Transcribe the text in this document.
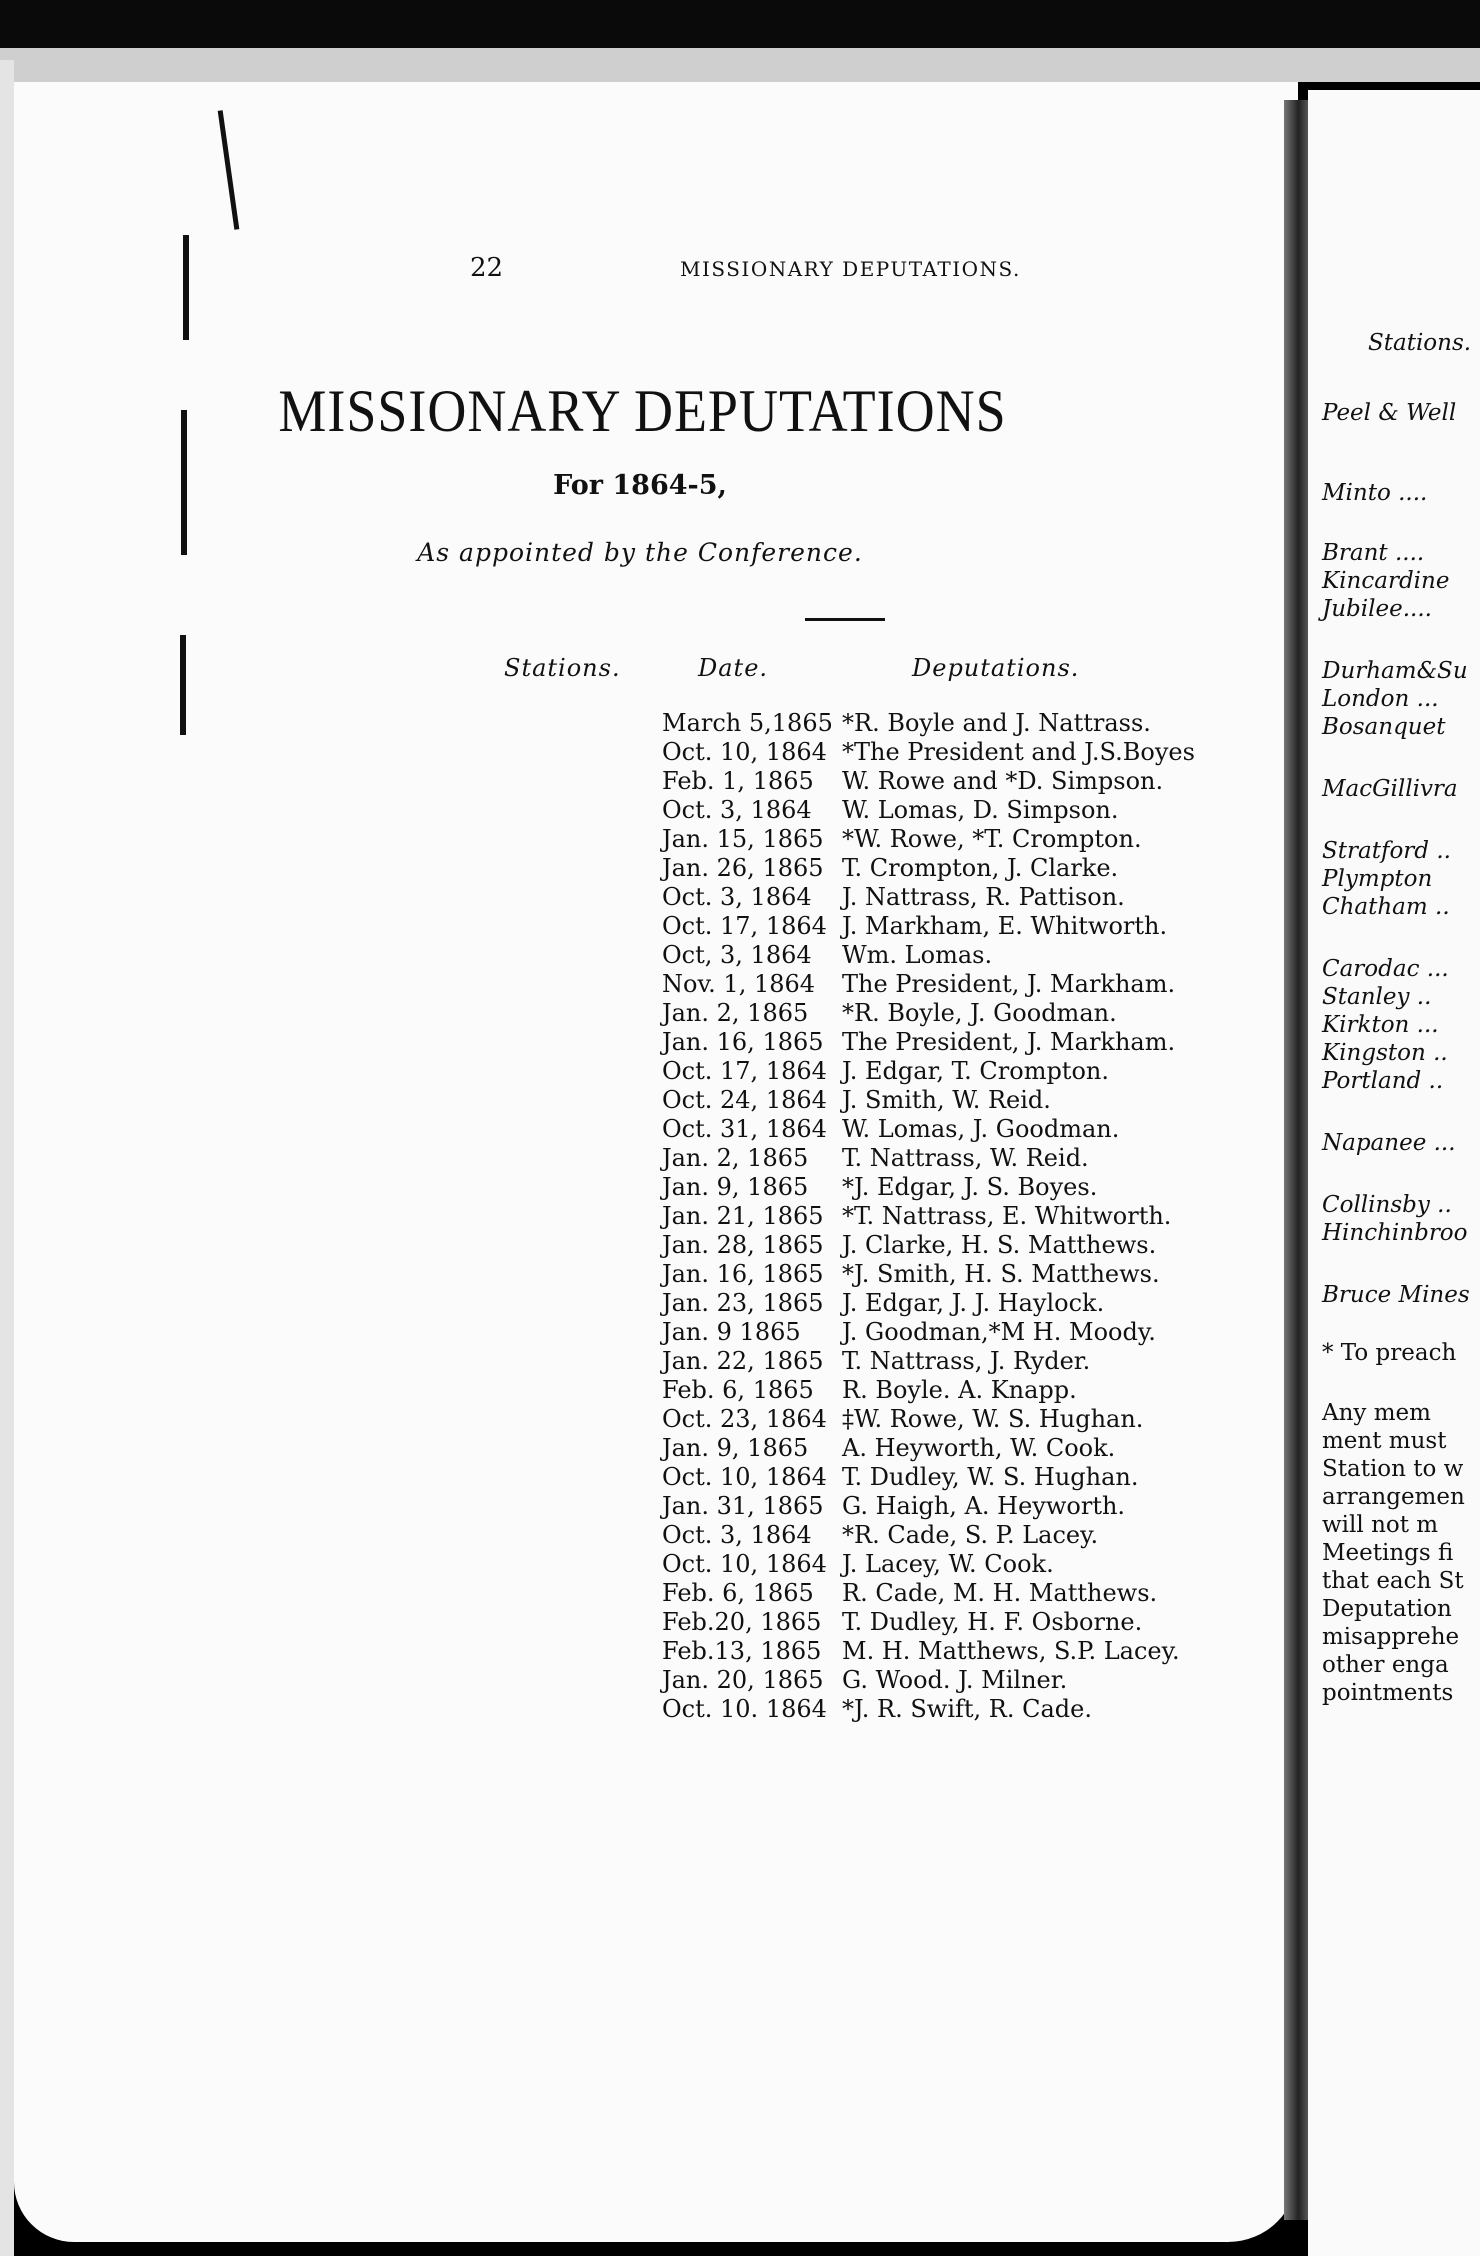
22	MISSIONARY DEPUTATIONS.
MISSIONARY DEPUTATIONS
For 1864-5,
As appointed by the Conference.
Stations.	Date.	Deputations.
March 5,1865 *R. Boyle and J. Nattrass.
Oct. 10, 1864 *The President and J.S.Boyes
Feb. 1, 1865	W. Rowe and *D. Simpson.
Oct. 3, 1864	W. Lomas, D. Simpson.
Jan. 15, 1865 *W. Rowe, *T. Crompton.
Jan. 26, 1865 T. Crompton, J. Clarke.
Oct. 3, 1864	J. Nattrass, R. Pattison.
Oct. 17, 1864 J. Markham, E. Whitworth.
Oct, 3, 1864	Wm. Lomas.
Nov. 1, 1864	The President, J. Markham.
Jan. 2, 1865	*R. Boyle, J. Goodman.
Jan. 16, 1865 The President, J. Markham.
Oct. 17, 1864 J. Edgar, T. Crompton.
Oct. 24, 1864 J. Smith, W. Reid.
Oct. 31, 1864 W. Lomas, J. Goodman.
Jan. 2, 1865	T. Nattrass, W. Reid.
Jan. 9, 1865	*J. Edgar, J. S. Boyes.
Jan. 21, 1865 *T. Nattrass, E. Whitworth.
Jan. 28, 1865 J. Clarke, H. S. Matthews.
Jan. 16, 1865 *J. Smith, H. S. Matthews.
Jan. 23, 1865 J. Edgar, J. J. Haylock.
Jan. 9 1865	J. Goodman,*M H. Moody.
Jan. 22, 1865 T. Nattrass, J. Ryder.
Feb. 6, 1865	R. Boyle. A. Knapp.
Oct. 23, 1864 ‡W. Rowe, W. S. Hughan.
Jan. 9, 1865	A. Heyworth, W. Cook.
Oct. 10, 1864 T. Dudley, W. S. Hughan.
Jan. 31, 1865 G. Haigh, A. Heyworth.
Oct. 3, 1864	*R. Cade, S. P. Lacey.
Oct. 10, 1864 J. Lacey, W. Cook.
Feb. 6, 1865	R. Cade, M. H. Matthews.
Feb.20, 1865 T. Dudley, H. F. Osborne.
Feb.13, 1865 M. H. Matthews, S.P. Lacey.
Jan. 20, 1865 G. Wood. J. Milner.
Oct. 10. 1864 *J. R. Swift, R. Cade.
Stations.
Peel & Well
Minto ....
Brant ....
Kincardine
Jubilee....
Durham&Su
London ...
Bosanquet
MacGillivra
Stratford ..
Plympton
Chatham ..
Carodac ...
Stanley ..
Kirkton ...
Kingston ..
Portland ..
Napanee ...
Collinsby ..
Hinchinbroo
Bruce Mines
* To preach
Any mem
ment must
Station to w
arrangemen
will not m
Meetings fi
that each St
Deputation
misapprehe
other enga
pointments
